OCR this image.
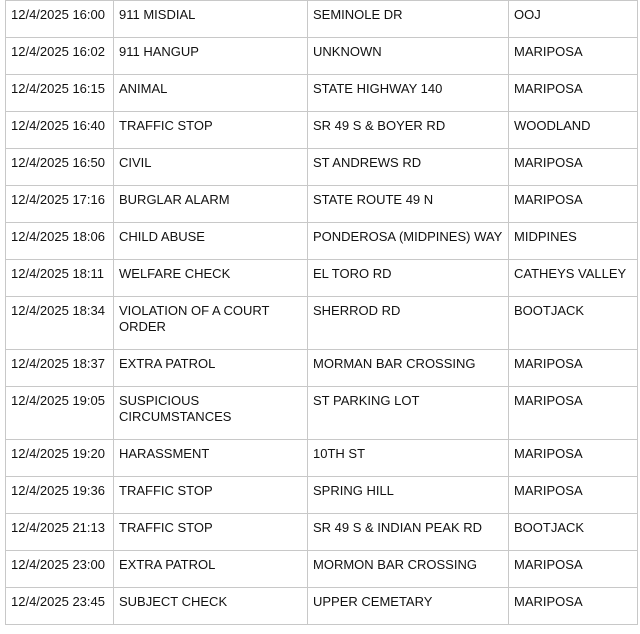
12/4/2025 16:00	911 MISDIAL	SEMINOLE DR	OOJ
12/4/2025 16:02	911 HANGUP	UNKNOWN	MARIPOSA
12/4/2025 16:15	ANIMAL	STATE HIGHWAY 140	MARIPOSA
12/4/2025 16:40	TRAFFIC STOP	SR 49 S & BOYER RD	WOODLAND
12/4/2025 16:50	CIVIL	ST ANDREWS RD	MARIPOSA
12/4/2025 17:16	BURGLAR ALARM	STATE ROUTE 49 N	MARIPOSA
12/4/2025 18:06	CHILD ABUSE	PONDEROSA (MIDPINES) WAY	MIDPINES
12/4/2025 18:11	WELFARE CHECK	EL TORO RD	CATHEYS VALLEY
12/4/2025 18:34	VIOLATION OF A COURT ORDER	SHERROD RD	BOOTJACK
12/4/2025 18:37	EXTRA PATROL	MORMAN BAR CROSSING	MARIPOSA
12/4/2025 19:05	SUSPICIOUS CIRCUMSTANCES	ST PARKING LOT	MARIPOSA
12/4/2025 19:20	HARASSMENT	10TH ST	MARIPOSA
12/4/2025 19:36	TRAFFIC STOP	SPRING HILL	MARIPOSA
12/4/2025 21:13	TRAFFIC STOP	SR 49 S & INDIAN PEAK RD	BOOTJACK
12/4/2025 23:00	EXTRA PATROL	MORMON BAR CROSSING	MARIPOSA
12/4/2025 23:45	SUBJECT CHECK	UPPER CEMETARY	MARIPOSA
